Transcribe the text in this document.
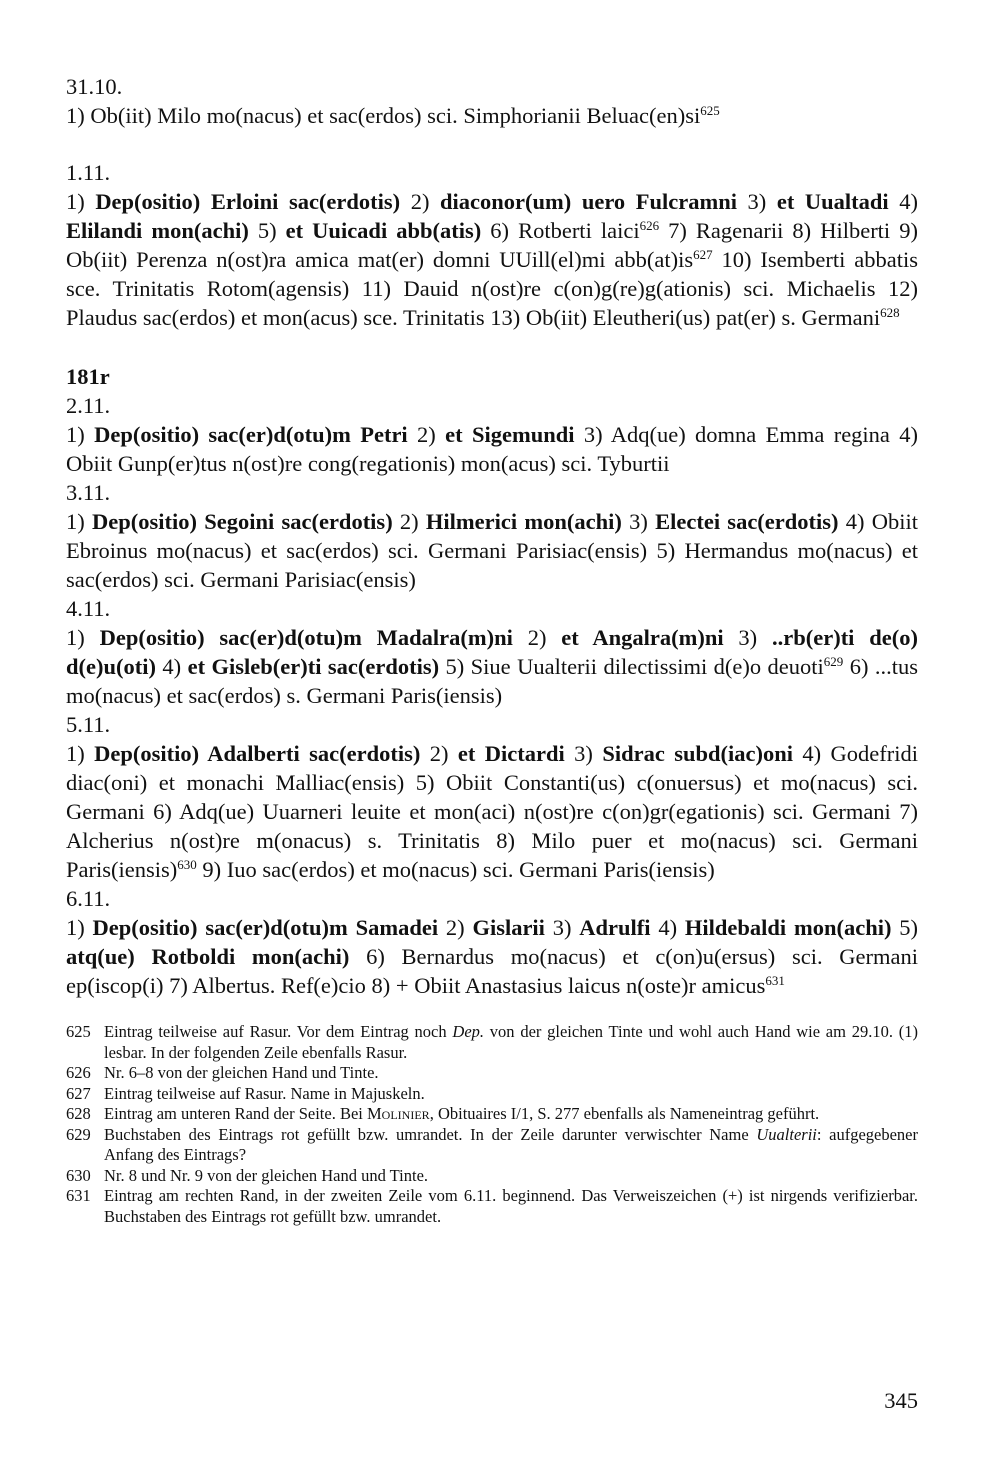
31.10.

1) Ob(iit) Milo mo(nacus) et sac(erdos) sci. Simphorianii $Beluac(en)si^{625}$

1.11.

1) Dep(ositio) Erloini sac(erdotis) 2) diaconor(um) uero Fulcramni 3) et Uualtadi 4) Elilandi mon(achi) 5) et Uuicadi abb(atis) 6) Rotberti laici$^{626}$ 7) Ragenarii 8) Hilberti 9) Ob(iit) Perenza n(ost)ra amica mat(er) domni UUill(el)mi $abb(at)is^{627}$ 10) Isemberti abbatis sce. Trinitatis Rotom(agensis) 11) Dauid n(ost)re c(on)g(re)g(ationis) sci. Michaelis 12) Plaudus sac(erdos) et mon(acus) sce. Trinitatis 13) Ob(iit) Eleutheri(us) pat(er) s. Germani$^{628}$

181r

2.11.

1) Dep(ositio) sac(er)d(otu)m Petri 2) et Sigemundi 3) Adq(ue) domna Emma regina 4) Obiit Gunp(er)tus n(ost)re cong(regationis) mon(acus) sci. Tyburtii

3.11.

1) Dep(ositio) Segoini sac(erdotis) 2) Hilmerici mon(achi) 3) Electei sac(erdotis) 4) Obiit Ebroinus mo(nacus) et sac(erdos) sci. Germani Parisiac(ensis) 5) Hermandus mo(nacus) et sac(erdos) sci. Germani Parisiac(ensis)

4.11.

1) Dep(ositio) sac(er)d(otu)m Madalra(m)ni 2) et Angalra(m)ni 3) ..rb(er)ti de(o) d(e)u(oti) 4) et Gisleb(er)ti sac(erdotis) 5) Siue Uualterii dilectissimi d(e)o deuoti$^{629}$ 6) ...tus mo(nacus) et sac(erdos) s. Germani Paris(iensis)

5.11.

1) Dep(ositio) Adalberti sac(erdotis) 2) et Dictardi 3) Sidrac subd(iac)oni 4) Godefridi diac(oni) et monachi Malliac(ensis) 5) Obiit Constanti(us) c(onuersus) et mo(nacus) sci. Germani 6) Adq(ue) Uuarneri leuite et mon(aci) n(ost)re c(on)gr(egationis) sci. Germani 7) Alcherius n(ost)re m(onacus) s. Trinitatis 8) Milo puer et mo(nacus) sci. Germani Paris(iensis)$^{630}$ 9) Iuo sac(erdos) et mo(nacus) sci. Germani Paris(iensis)

6.11.

1) Dep(ositio) sac(er)d(otu)m Samadei 2) Gislarii 3) Adrulfi 4) Hildebaldi mon(achi) 5) atq(ue) Rotboldi mon(achi) 6) Bernardus mo(nacus) et c(on)u(ersus) sci. Germani ep(iscop(i) 7) Albertus. Ref(e)cio 8) + Obiit Anastasius laicus n(oste)r amicus$^{631}$

625 Eintrag teilweise auf Rasur. Vor dem Eintrag noch Dep. von der gleichen Tinte und wohl auch Hand wie am 29.10. (1) lesbar. In der folgenden Zeile ebenfalls Rasur.
626 Nr. 6–8 von der gleichen Hand und Tinte.
627 Eintrag teilweise auf Rasur. Name in Majuskeln.
628 Eintrag am unteren Rand der Seite. Bei Molinier, Obituaires I/1, S. 277 ebenfalls als Nameneintrag geführt.
629 Buchstaben des Eintrags rot gefüllt bzw. umrandet. In der Zeile darunter verwischter Name Uualterii: aufgegebener Anfang des Eintrags?
630 Nr. 8 und Nr. 9 von der gleichen Hand und Tinte.
631 Eintrag am rechten Rand, in der zweiten Zeile vom 6.11. beginnend. Das Verweiszeichen (+) ist nirgends verifizierbar. Buchstaben des Eintrags rot gefüllt bzw. umrandet.
345
